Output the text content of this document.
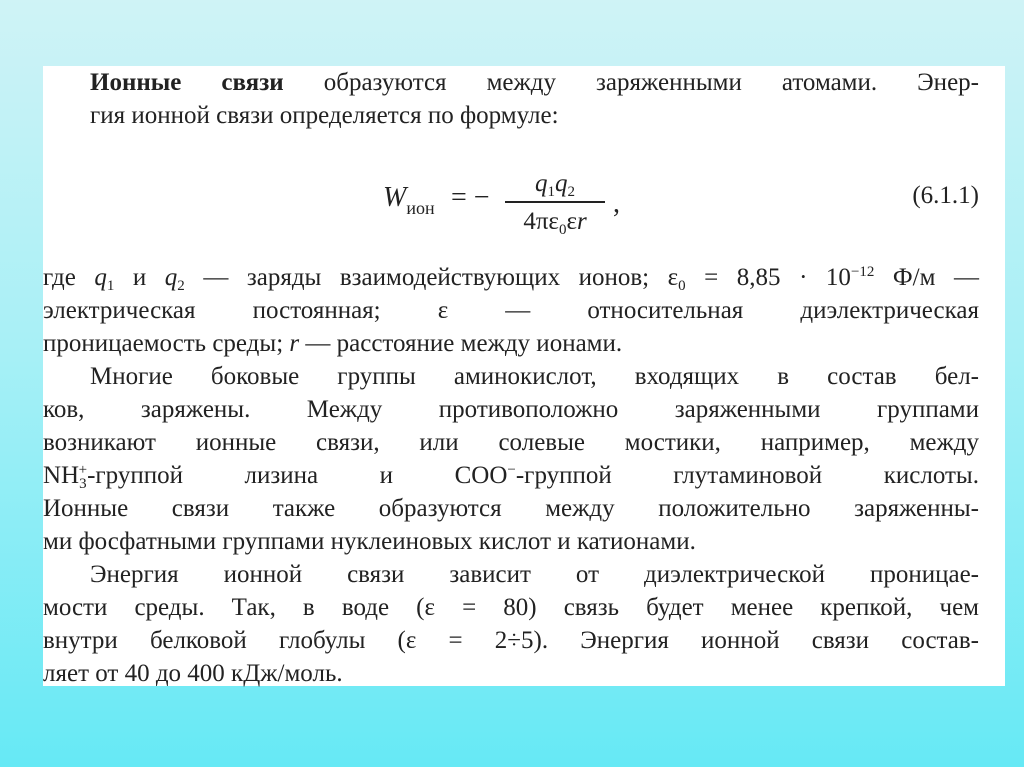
Ионные связи образуются между заряженными атомами. Энер-
гия ионной связи определяется по формуле:
$W_{ион}$ = −	$q_1q_2$
$4\pi\varepsilon_0\varepsilon r$
,	(6.1.1)
где $q_1$ и $q_2$ — заряды взаимодействующих ионов; $\varepsilon_0 = 8,85 \cdot 10^{-12}$ Ф/м —
электрическая постоянная; ε — относительная диэлектрическая
проницаемость среды; r — расстояние между ионами.
Многие боковые группы аминокислот, входящих в состав бел-
ков, заряжены. Между противоположно заряженными группами
возникают ионные связи, или солевые мостики, например, между
$NH_3^+$-группой лизина и COO−-группой глутаминовой кислоты.
Ионные связи также образуются между положительно заряженны-
ми фосфатными группами нуклеиновых кислот и катионами.
Энергия ионной связи зависит от диэлектрической проницае-
мости среды. Так, в воде (ε = 80) связь будет менее крепкой, чем
внутри белковой глобулы (ε = 2÷5). Энергия ионной связи состав-
ляет от 40 до 400 кДж/моль.
